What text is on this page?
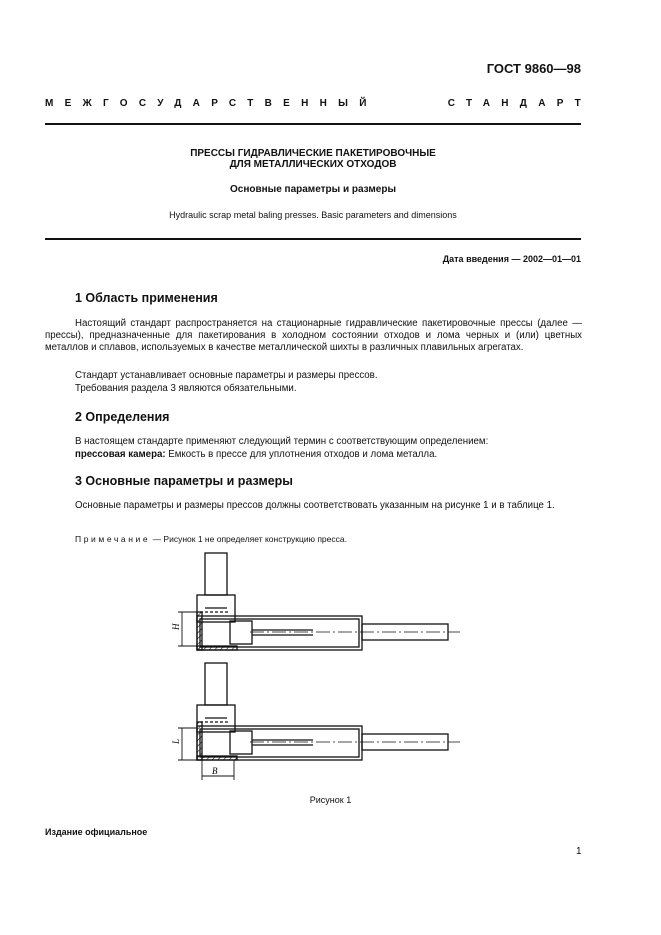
ГОСТ 9860—98
МЕЖГОСУДАРСТВЕННЫЙ	СТАНДАРТ
ПРЕССЫ ГИДРАВЛИЧЕСКИЕ ПАКЕТИРОВОЧНЫЕ
ДЛЯ МЕТАЛЛИЧЕСКИХ ОТХОДОВ
Основные параметры и размеры
Hydraulic scrap metal baling presses. Basic parameters and dimensions
Дата введения — 2002—01—01
1 Область применения
Настоящий стандарт распространяется на стационарные гидравлические пакетировочные прессы (далее — прессы), предназначенные для пакетирования в холодном состоянии отходов и лома черных и (или) цветных металлов и сплавов, используемых в качестве металлической шихты в различных плавильных агрегатах.
Стандарт устанавливает основные параметры и размеры прессов.
Требования раздела 3 являются обязательными.
2 Определения
В настоящем стандарте применяют следующий термин с соответствующим определением:
прессовая камера: Емкость в прессе для уплотнения отходов и лома металла.
3 Основные параметры и размеры
Основные параметры и размеры прессов должны соответствовать указанным на рисунке 1 и в таблице 1.
Примечание — Рисунок 1 не определяет конструкцию пресса.
H
L
B
Рисунок 1
Издание официальное
1
